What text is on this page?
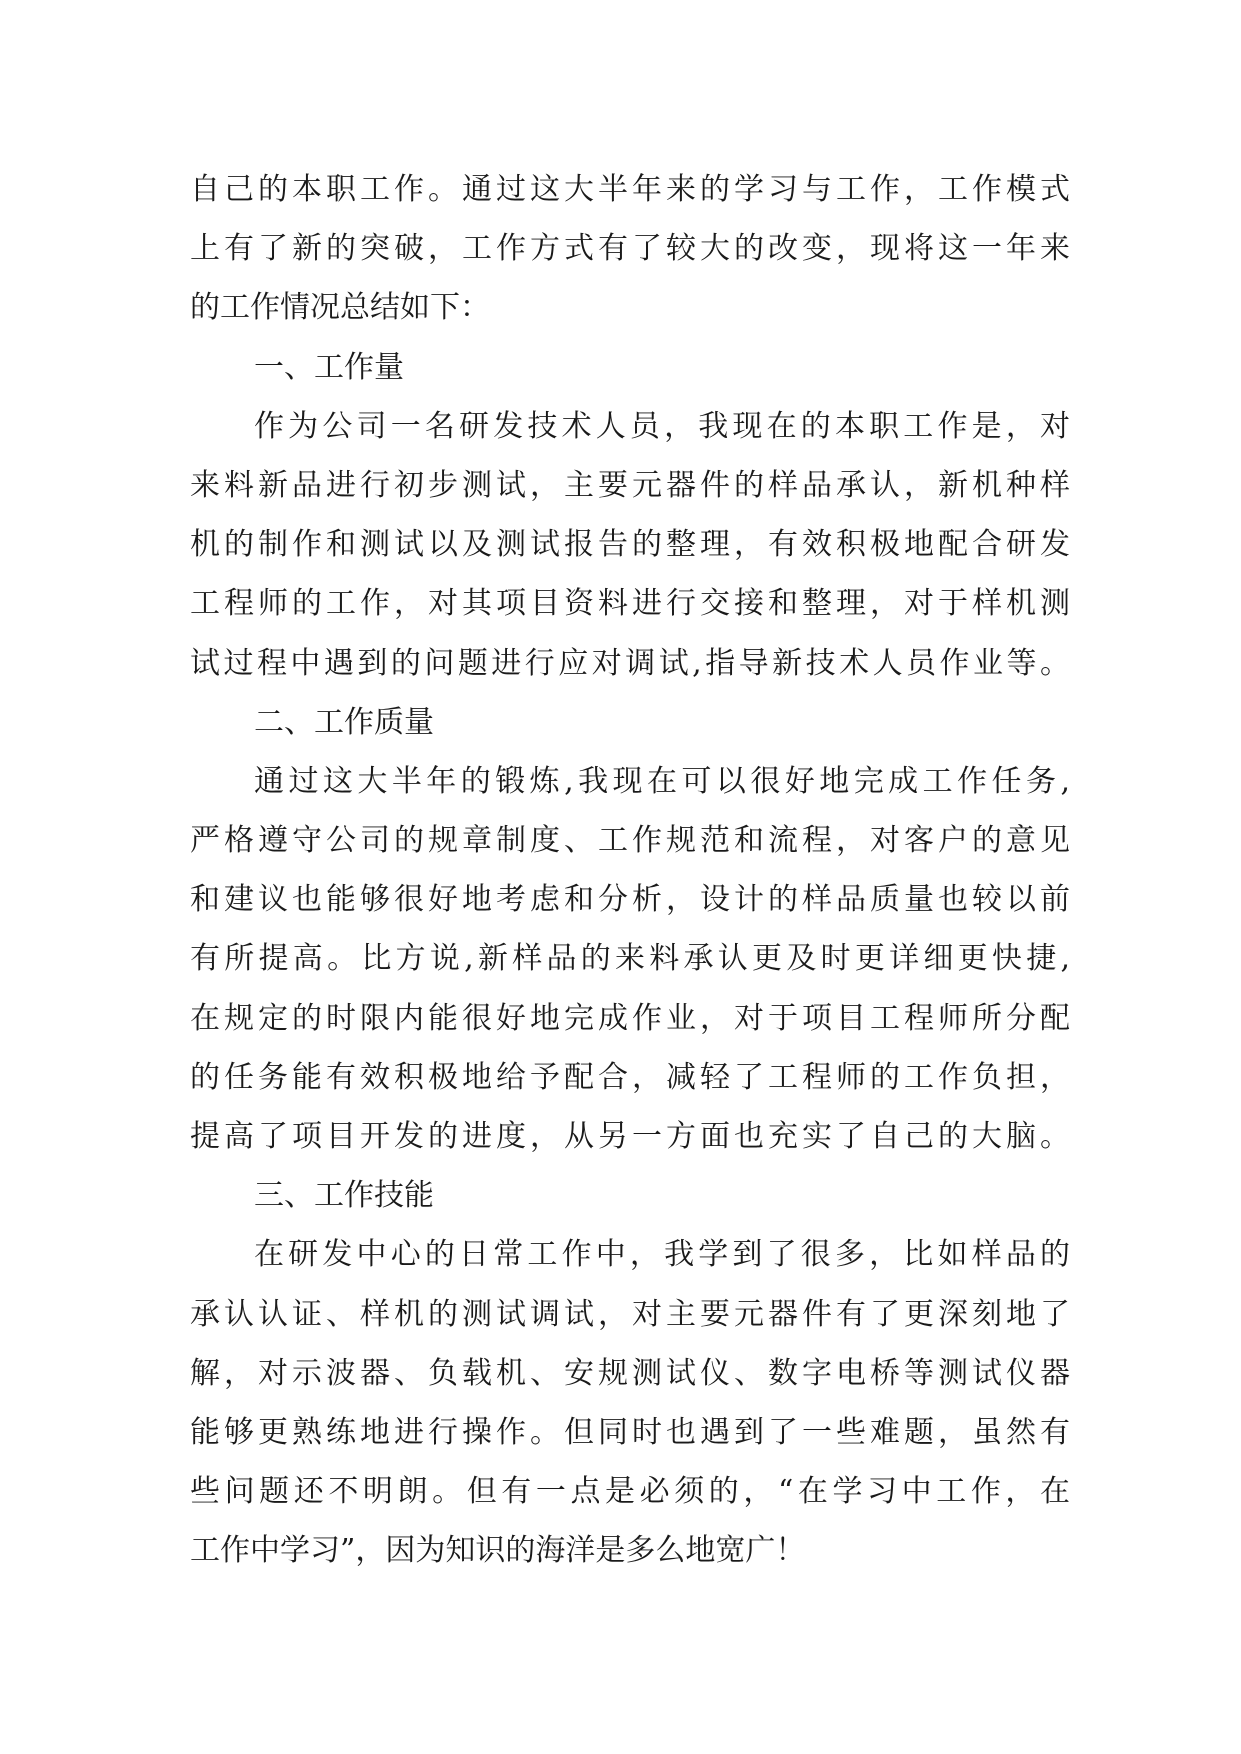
自己的本职工作。通过这大半年来的学习与工作，工作模式
上有了新的突破，工作方式有了较大的改变，现将这一年来
的工作情况总结如下：
一、工作量
作为公司一名研发技术人员，我现在的本职工作是，对
来料新品进行初步测试，主要元器件的样品承认，新机种样
机的制作和测试以及测试报告的整理，有效积极地配合研发
工程师的工作，对其项目资料进行交接和整理，对于样机测
试过程中遇到的问题进行应对调试,指导新技术人员作业等。
二、工作质量
通过这大半年的锻炼,我现在可以很好地完成工作任务,
严格遵守公司的规章制度、工作规范和流程，对客户的意见
和建议也能够很好地考虑和分析，设计的样品质量也较以前
有所提高。比方说,新样品的来料承认更及时更详细更快捷,
在规定的时限内能很好地完成作业，对于项目工程师所分配
的任务能有效积极地给予配合，减轻了工程师的工作负担，
提高了项目开发的进度，从另一方面也充实了自己的大脑。
三、工作技能
在研发中心的日常工作中，我学到了很多，比如样品的
承认认证、样机的测试调试，对主要元器件有了更深刻地了
解，对示波器、负载机、安规测试仪、数字电桥等测试仪器
能够更熟练地进行操作。但同时也遇到了一些难题，虽然有
些问题还不明朗。但有一点是必须的，“在学习中工作，在
工作中学习”，因为知识的海洋是多么地宽广！
